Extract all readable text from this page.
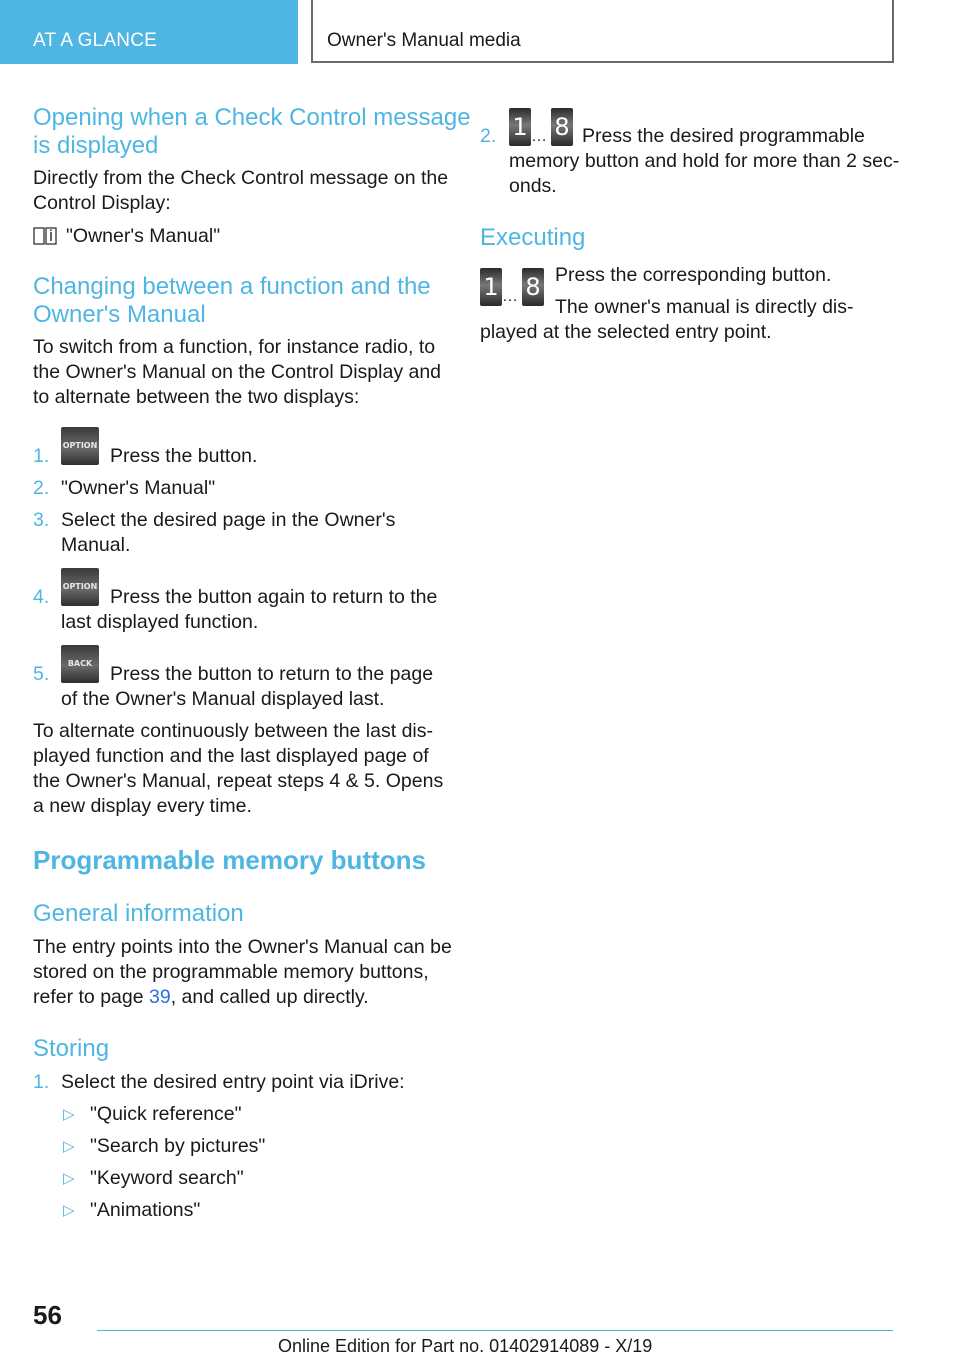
AT A GLANCE	Owner's Manual media
Opening when a Check Control message
is displayed

Directly from the Check Control message on the
Control Display:

"Owner's Manual"
Changing between a function and the
Owner's Manual

To switch from a function, for instance radio, to
the Owner's Manual on the Control Display and
to alternate between the two displays:

1. OPTION Press the button.
2. "Owner's Manual"
3. Select the desired page in the Owner's
Manual.

4. OPTION Press the button again to return to the
last displayed function.
5.	BACK Press the button to return to the page
of the Owner's Manual displayed last.

To alternate continuously between the last dis‐
played function and the last displayed page of
the Owner's Manual, repeat steps 4 & 5. Opens
a new display every time.

Programmable memory buttons
General information

The entry points into the Owner's Manual can be
stored on the programmable memory buttons,
refer to page 39, and called up directly.

Storing
1. Select the desired entry point via iDrive:
▷ "Quick reference"
▷ "Search by pictures"
▷ "Keyword search"
▷ "Animations"
2. 1 … 8 Press the desired programmable

memory button and hold for more than 2 sec‐
onds.

Executing
1 … 8 Press the corresponding button.
The owner's manual is directly dis‐
played at the selected entry point.
56
Online Edition for Part no. 01402914089 - X/19
